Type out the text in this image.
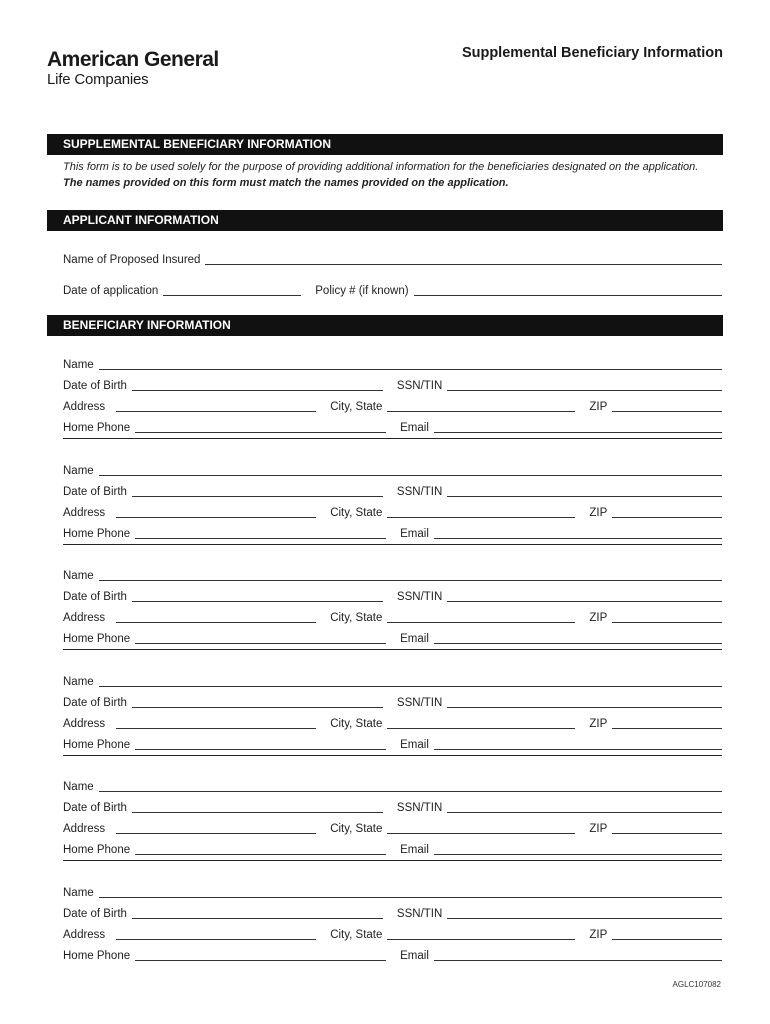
American General
Life Companies
Supplemental Beneficiary Information
SUPPLEMENTAL BENEFICIARY INFORMATION
This form is to be used solely for the purpose of providing additional information for the beneficiaries designated on the application. The names provided on this form must match the names provided on the application.
APPLICANT INFORMATION
Name of Proposed Insured
Date of application	Policy # (if known)
BENEFICIARY INFORMATION
Name
Date of Birth	SSN/TIN
Address	City, State	ZIP
Home Phone	Email
Name
Date of Birth	SSN/TIN
Address	City, State	ZIP
Home Phone	Email
Name
Date of Birth	SSN/TIN
Address	City, State	ZIP
Home Phone	Email
Name
Date of Birth	SSN/TIN
Address	City, State	ZIP
Home Phone	Email
Name
Date of Birth	SSN/TIN
Address	City, State	ZIP
Home Phone	Email
Name
Date of Birth	SSN/TIN
Address	City, State	ZIP
Home Phone	Email
AGLC107082
